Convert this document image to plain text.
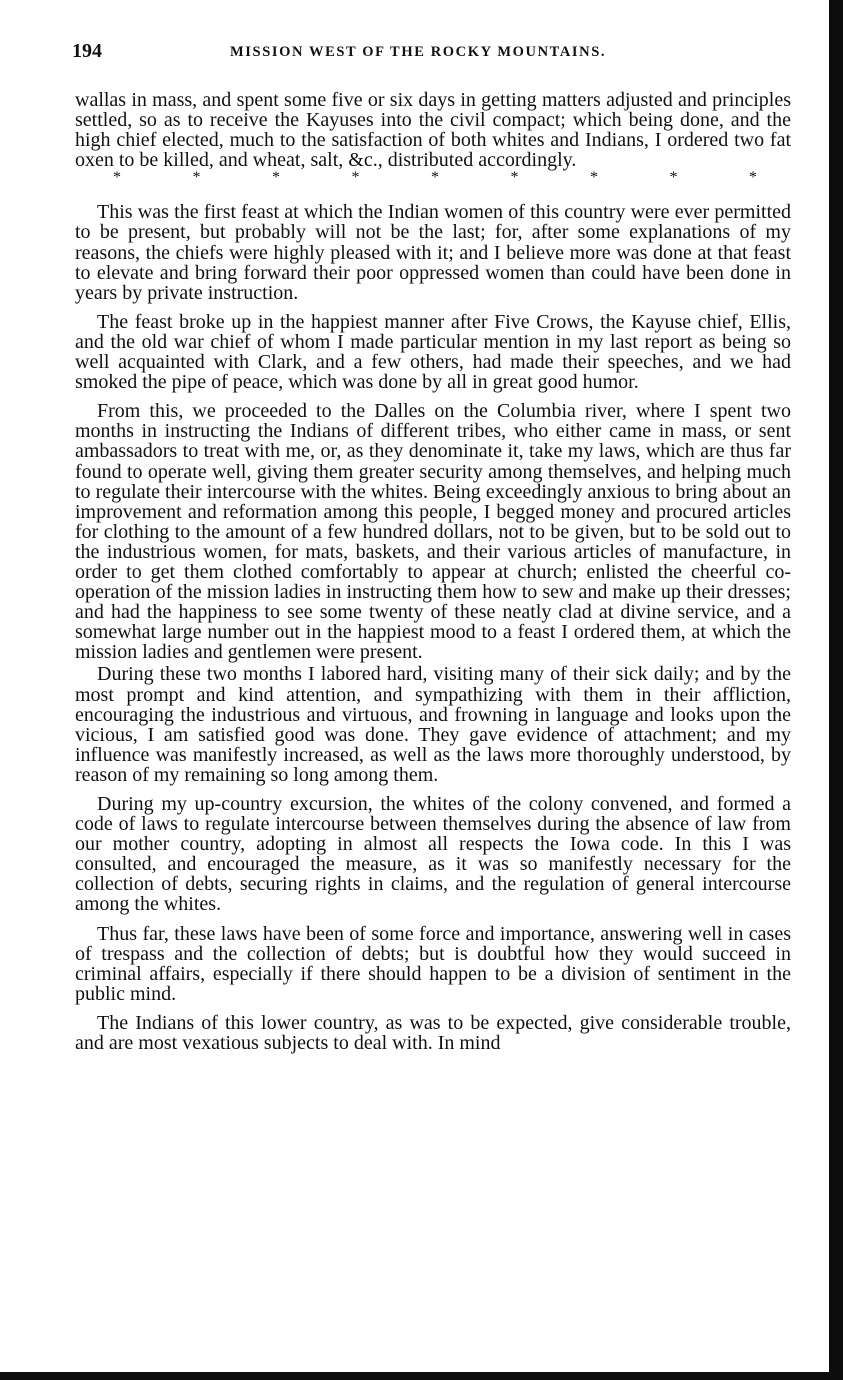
194	MISSION WEST OF THE ROCKY MOUNTAINS.

wallas in mass, and spent some five or six days in getting matters adjusted and principles settled, so as to receive the Kayuses into the civil compact; which being done, and the high chief elected, much to the satisfaction of both whites and Indians, I ordered two fat oxen to be killed, and wheat, salt, &c., distributed accordingly.

*	*	*	*	*	*	*	*	*

This was the first feast at which the Indian women of this country were ever permitted to be present, but probably will not be the last; for, after some explanations of my reasons, the chiefs were highly pleased with it; and I believe more was done at that feast to elevate and bring forward their poor oppressed women than could have been done in years by private instruction.

The feast broke up in the happiest manner after Five Crows, the Kayuse chief, Ellis, and the old war chief of whom I made particular mention in my last report as being so well acquainted with Clark, and a few others, had made their speeches, and we had smoked the pipe of peace, which was done by all in great good humor.

From this, we proceeded to the Dalles on the Columbia river, where I spent two months in instructing the Indians of different tribes, who either came in mass, or sent ambassadors to treat with me, or, as they denominate it, take my laws, which are thus far found to operate well, giving them greater security among themselves, and helping much to regulate their intercourse with the whites. Being exceedingly anxious to bring about an improvement and reformation among this people, I begged money and procured articles for clothing to the amount of a few hundred dollars, not to be given, but to be sold out to the industrious women, for mats, baskets, and their various articles of manufacture, in order to get them clothed comfortably to appear at church; enlisted the cheerful co-operation of the mission ladies in instructing them how to sew and make up their dresses; and had the happiness to see some twenty of these neatly clad at divine service, and a somewhat large number out in the happiest mood to a feast I ordered them, at which the mission ladies and gentlemen were present.

During these two months I labored hard, visiting many of their sick daily; and by the most prompt and kind attention, and sympathizing with them in their affliction, encouraging the industrious and virtuous, and frowning in language and looks upon the vicious, I am satisfied good was done. They gave evidence of attachment; and my influence was manifestly increased, as well as the laws more thoroughly understood, by reason of my remaining so long among them.

During my up-country excursion, the whites of the colony convened, and formed a code of laws to regulate intercourse between themselves during the absence of law from our mother country, adopting in almost all respects the Iowa code. In this I was consulted, and encouraged the measure, as it was so manifestly necessary for the collection of debts, securing rights in claims, and the regulation of general intercourse among the whites.

Thus far, these laws have been of some force and importance, answering well in cases of trespass and the collection of debts; but is doubtful how they would succeed in criminal affairs, especially if there should happen to be a division of sentiment in the public mind.

The Indians of this lower country, as was to be expected, give considerable trouble, and are most vexatious subjects to deal with. In mind
